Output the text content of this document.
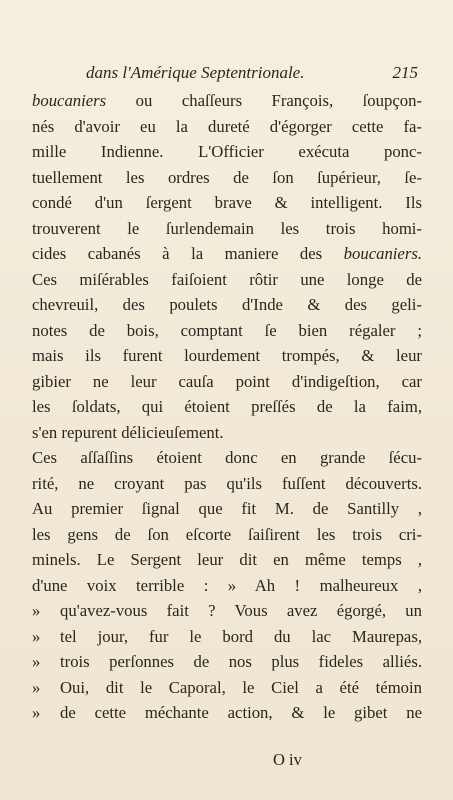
dans l'Amérique Septentrionale.	215
boucaniers ou chaſſeurs François, ſoupçon-
nés d'avoir eu la dureté d'égorger cette fa-
mille Indienne. L'Officier exécuta ponc-
tuellement les ordres de ſon ſupérieur, ſe-
condé d'un ſergent brave & intelligent. Ils
trouverent le ſurlendemain les trois homi-
cides cabanés à la maniere des boucaniers.
Ces miſérables faiſoient rôtir une longe de
chevreuil, des poulets d'Inde & des geli-
notes de bois, comptant ſe bien régaler ;
mais ils furent lourdement trompés, & leur
gibier ne leur cauſa point d'indigeſtion, car
les ſoldats, qui étoient preſſés de la faim,
s'en repurent délicieuſement.
Ces aſſaſſins étoient donc en grande ſécu-
rité, ne croyant pas qu'ils fuſſent découverts.
Au premier ſignal que fit M. de Santilly ,
les gens de ſon eſcorte ſaiſirent les trois cri-
minels. Le Sergent leur dit en même temps ,
d'une voix terrible : » Ah ! malheureux ,
»	qu'avez-vous fait ? Vous avez égorgé, un
»	tel jour, fur le bord du lac Maurepas,
»	trois perſonnes de nos plus fideles alliés.
»	Oui, dit le Caporal, le Ciel a été témoin
»	de cette méchante action, & le gibet ne
O iv
